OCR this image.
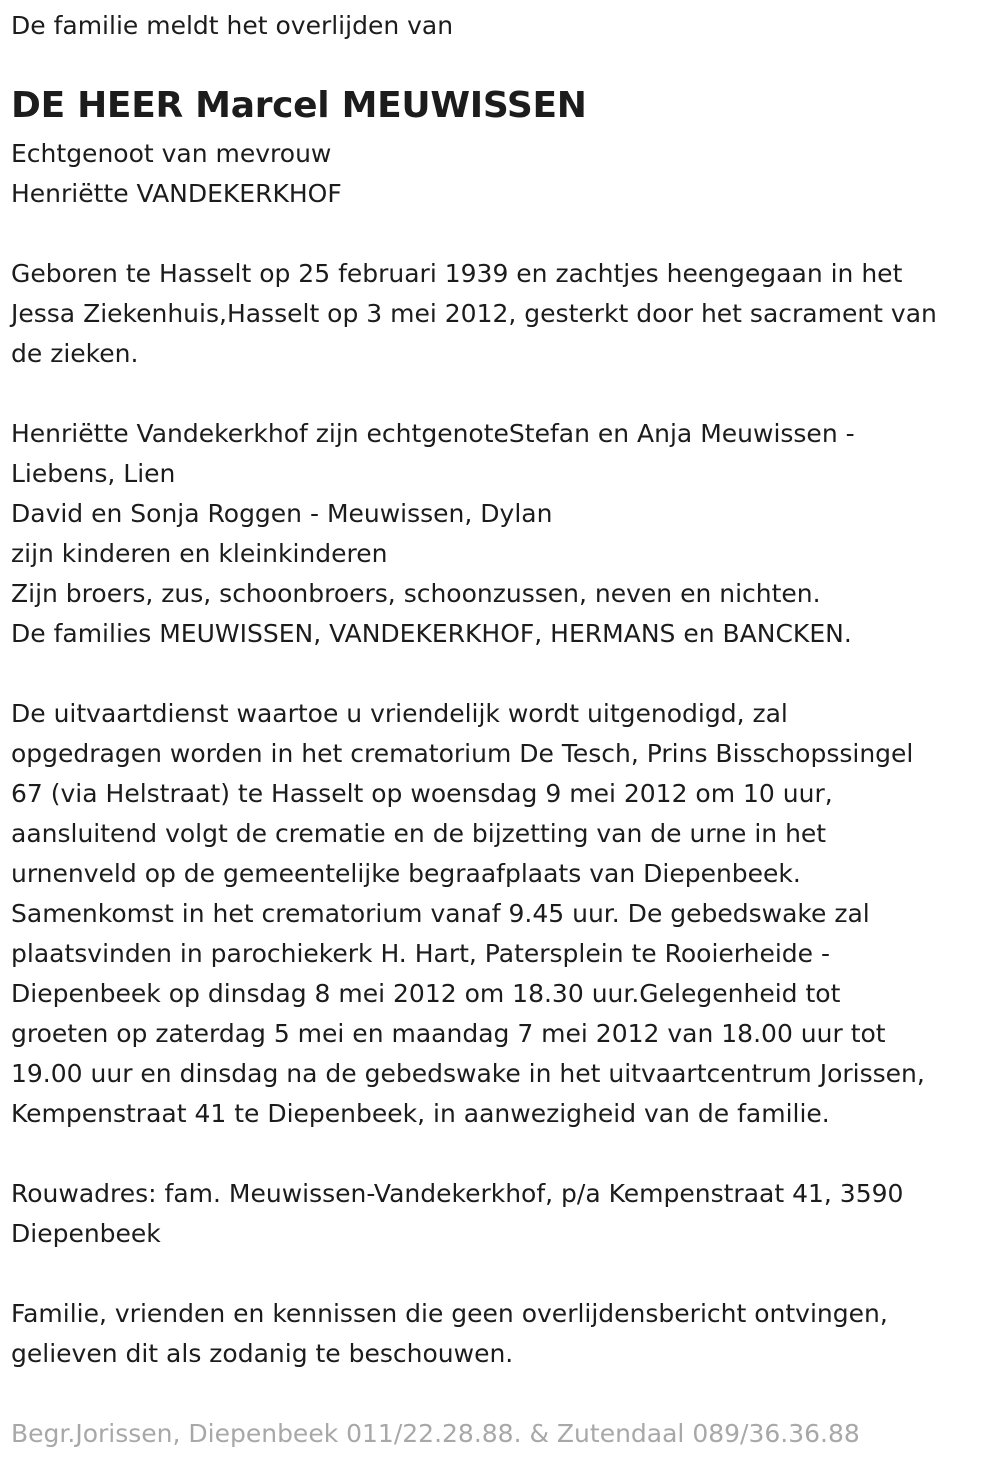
De familie meldt het overlijden van

DE HEER Marcel MEUWISSEN

Echtgenoot van mevrouw

Henriëtte VANDEKERKHOF

Geboren te Hasselt op 25 februari 1939 en zachtjes heengegaan in het

Jessa Ziekenhuis,Hasselt op 3 mei 2012, gesterkt door het sacrament van

de zieken.

Henriëtte Vandekerkhof zijn echtgenoteStefan en Anja Meuwissen -

Liebens, Lien

David en Sonja Roggen - Meuwissen, Dylan

zijn kinderen en kleinkinderen

Zijn broers, zus, schoonbroers, schoonzussen, neven en nichten.

De families MEUWISSEN, VANDEKERKHOF, HERMANS en BANCKEN.

De uitvaartdienst waartoe u vriendelijk wordt uitgenodigd, zal

opgedragen worden in het crematorium De Tesch, Prins Bisschopssingel

67 (via Helstraat) te Hasselt op woensdag 9 mei 2012 om 10 uur,

aansluitend volgt de crematie en de bijzetting van de urne in het

urnenveld op de gemeentelijke begraafplaats van Diepenbeek.

Samenkomst in het crematorium vanaf 9.45 uur. De gebedswake zal

plaatsvinden in parochiekerk H. Hart, Patersplein te Rooierheide -

Diepenbeek op dinsdag 8 mei 2012 om 18.30 uur.Gelegenheid tot

groeten op zaterdag 5 mei en maandag 7 mei 2012 van 18.00 uur tot

19.00 uur en dinsdag na de gebedswake in het uitvaartcentrum Jorissen,

Kempenstraat 41 te Diepenbeek, in aanwezigheid van de familie.

Rouwadres: fam. Meuwissen-Vandekerkhof, p/a Kempenstraat 41, 3590

Diepenbeek

Familie, vrienden en kennissen die geen overlijdensbericht ontvingen,

gelieven dit als zodanig te beschouwen.

Begr.Jorissen, Diepenbeek 011/22.28.88. & Zutendaal 089/36.36.88
